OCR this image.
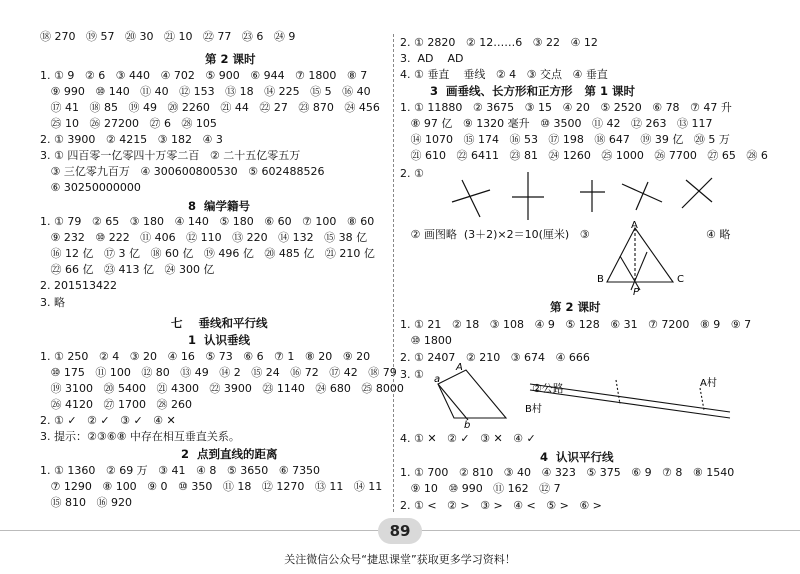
⑱ 270   ⑲ 57   ⑳ 30   ㉑ 10   ㉒ 77   ㉓ 6   ㉔ 9
第 2 课时
1. ① 9   ② 6   ③ 440   ④ 702   ⑤ 900   ⑥ 944   ⑦ 1800   ⑧ 7
⑨ 990   ⑩ 140   ⑪ 40   ⑫ 153   ⑬ 18   ⑭ 225   ⑮ 5   ⑯ 40
⑰ 41   ⑱ 85   ⑲ 49   ⑳ 2260   ㉑ 44   ㉒ 27   ㉓ 870   ㉔ 456
㉕ 10   ㉖ 27200   ㉗ 6   ㉘ 105
2. ① 3900   ② 4215   ③ 182   ④ 3
3. ① 四百零一亿零四十万零二百   ② 二十五亿零五万
③ 三亿零九百万   ④ 300600800530   ⑤ 602488526
⑥ 30250000000
8  编学籍号
1. ① 79   ② 65   ③ 180   ④ 140   ⑤ 180   ⑥ 60   ⑦ 100   ⑧ 60
⑨ 232   ⑩ 222   ⑪ 406   ⑫ 110   ⑬ 220   ⑭ 132   ⑮ 38 亿
⑯ 12 亿   ⑰ 3 亿   ⑱ 60 亿   ⑲ 496 亿   ⑳ 485 亿   ㉑ 210 亿
㉒ 66 亿   ㉓ 413 亿   ㉔ 300 亿
2. 201513422
3. 略
七    垂线和平行线
1  认识垂线
1. ① 250   ② 4   ③ 20   ④ 16   ⑤ 73   ⑥ 6   ⑦ 1   ⑧ 20   ⑨ 20
⑩ 175   ⑪ 100   ⑫ 80   ⑬ 49   ⑭ 2   ⑮ 24   ⑯ 72   ⑰ 42   ⑱ 79
⑲ 3100   ⑳ 5400   ㉑ 4300   ㉒ 3900   ㉓ 1140   ㉔ 680   ㉕ 8000
㉖ 4120   ㉗ 1700   ㉘ 260
2. ① ✓   ② ✓   ③ ✓   ④ ✕
3. 提示：②③⑥⑧ 中存在相互垂直关系。
2  点到直线的距离
1. ① 1360   ② 69 万   ③ 41   ④ 8   ⑤ 3650   ⑥ 7350
⑦ 1290   ⑧ 100   ⑨ 0   ⑩ 350   ⑪ 18   ⑫ 1270   ⑬ 11   ⑭ 11
⑮ 810   ⑯ 920
2. ① 2820   ② 12……6   ③ 22   ④ 12
3.  AD    AD
4. ① 垂直    垂线   ② 4   ③ 交点   ④ 垂直
3  画垂线、长方形和正方形   第 1 课时
1. ① 11880   ② 3675   ③ 15   ④ 20   ⑤ 2520   ⑥ 78   ⑦ 47 升
⑧ 97 亿   ⑨ 1320 毫升   ⑩ 3500   ⑪ 42   ⑫ 263   ⑬ 117
⑭ 1070   ⑮ 174   ⑯ 53   ⑰ 198   ⑱ 647   ⑲ 39 亿   ⑳ 5 万
㉑ 610   ㉒ 6411   ㉓ 81   ㉔ 1260   ㉕ 1000   ㉖ 7700   ㉗ 65   ㉘ 6
2. ①
② 画图略  (3＋2)×2＝10(厘米)   ③
A
B	C
P
④ 略
第 2 课时
1. ① 21   ② 18   ③ 108   ④ 9   ⑤ 128   ⑥ 31   ⑦ 7200   ⑧ 9   ⑨ 7
⑩ 1800
2. ① 2407   ② 210   ③ 674   ④ 666
3. ① a
A
b

②公路
	A村
B村
4. ① ✕   ② ✓   ③ ✕   ④ ✓
4  认识平行线
1. ① 700   ② 810   ③ 40   ④ 323   ⑤ 375   ⑥ 9   ⑦ 8   ⑧ 1540
⑨ 10   ⑩ 990   ⑪ 162   ⑫ 7
2. ① <   ② >   ③ >   ④ <   ⑤ >   ⑥ >
89
关注微信公众号“捷思课堂”获取更多学习资料！
